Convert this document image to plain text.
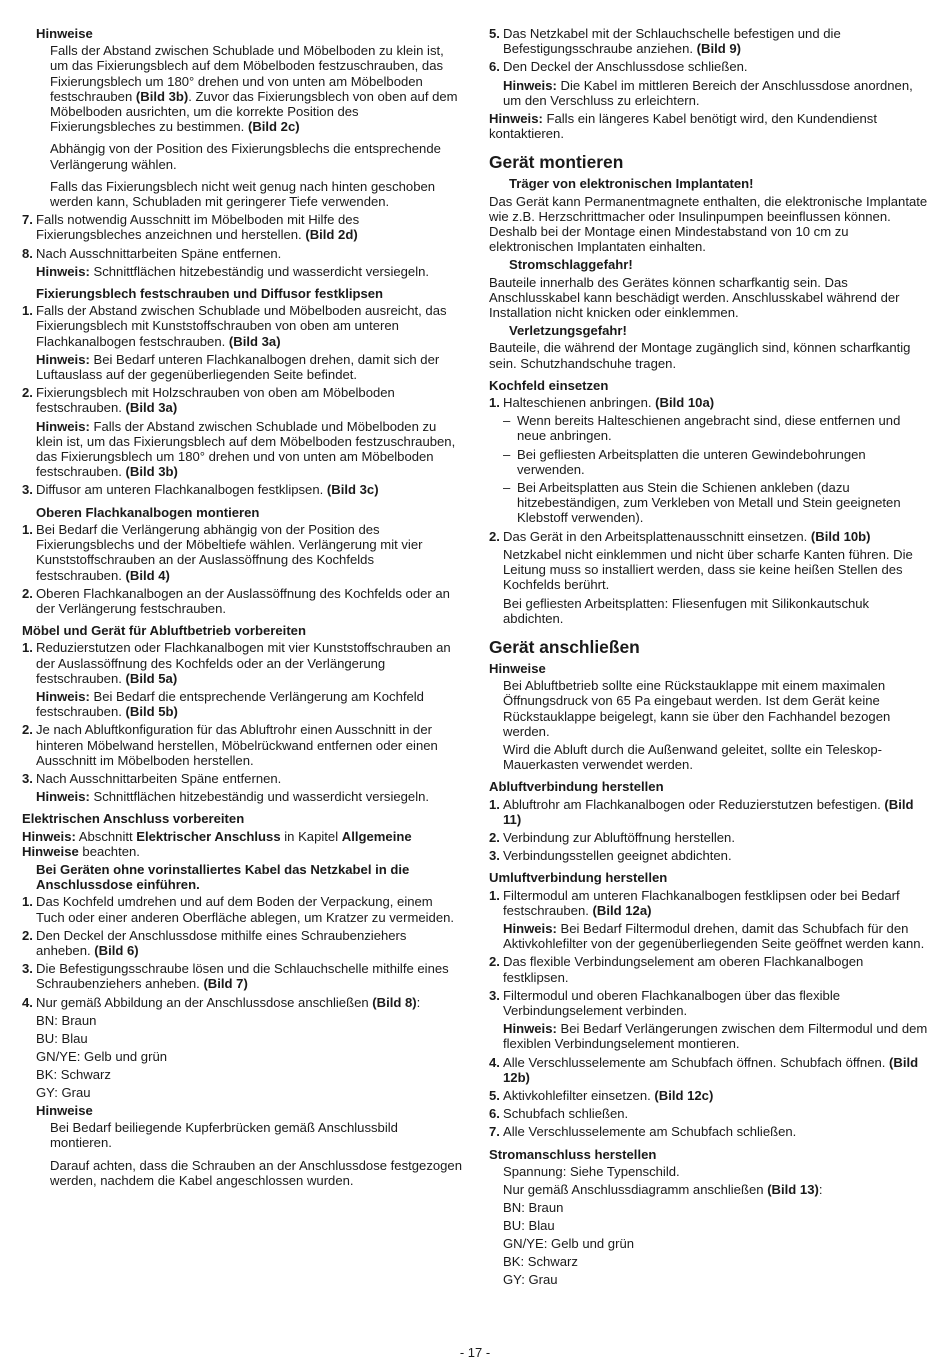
Hinweise
Falls der Abstand zwischen Schublade und Möbelboden zu klein ist, um das Fixierungsblech auf dem Möbelboden festzuschrauben, das Fixierungsblech um 180° drehen und von unten am Möbelboden festschrauben (Bild 3b). Zuvor das Fixierungsblech von oben auf dem Möbelboden ausrichten, um die korrekte Position des Fixierungsbleches zu bestimmen. (Bild 2c)
Abhängig von der Position des Fixierungsblechs die entsprechende Verlängerung wählen.
Falls das Fixierungsblech nicht weit genug nach hinten geschoben werden kann, Schubladen mit geringerer Tiefe verwenden.
7. Falls notwendig Ausschnitt im Möbelboden mit Hilfe des Fixierungsbleches anzeichnen und herstellen. (Bild 2d)
8. Nach Ausschnittarbeiten Späne entfernen.
Hinweis: Schnittflächen hitzebeständig und wasserdicht versiegeln.
Fixierungsblech festschrauben und Diffusor festklipsen
1. Falls der Abstand zwischen Schublade und Möbelboden ausreicht, das Fixierungsblech mit Kunststoffschrauben von oben am unteren Flachkanalbogen festschrauben. (Bild 3a)
Hinweis: Bei Bedarf unteren Flachkanalbogen drehen, damit sich der Luftauslass auf der gegenüberliegenden Seite befindet.
2. Fixierungsblech mit Holzschrauben von oben am Möbelboden festschrauben. (Bild 3a)
Hinweis: Falls der Abstand zwischen Schublade und Möbelboden zu klein ist, um das Fixierungsblech auf dem Möbelboden festzuschrauben, das Fixierungsblech um 180° drehen und von unten am Möbelboden festschrauben. (Bild 3b)
3. Diffusor am unteren Flachkanalbogen festklipsen. (Bild 3c)
Oberen Flachkanalbogen montieren
1. Bei Bedarf die Verlängerung abhängig von der Position des Fixierungsblechs und der Möbeltiefe wählen. Verlängerung mit vier Kunststoffschrauben an der Auslassöffnung des Kochfelds festschrauben. (Bild 4)
2. Oberen Flachkanalbogen an der Auslassöffnung des Kochfelds oder an der Verlängerung festschrauben.
Möbel und Gerät für Abluftbetrieb vorbereiten
1. Reduzierstutzen oder Flachkanalbogen mit vier Kunststoffschrauben an der Auslassöffnung des Kochfelds oder an der Verlängerung festschrauben. (Bild 5a)
Hinweis: Bei Bedarf die entsprechende Verlängerung am Kochfeld festschrauben. (Bild 5b)
2. Je nach Abluftkonfiguration für das Abluftrohr einen Ausschnitt in der hinteren Möbelwand herstellen, Möbelrückwand entfernen oder einen Ausschnitt im Möbelboden herstellen.
3. Nach Ausschnittarbeiten Späne entfernen.
Hinweis: Schnittflächen hitzebeständig und wasserdicht versiegeln.
Elektrischen Anschluss vorbereiten
Hinweis: Abschnitt Elektrischer Anschluss in Kapitel Allgemeine Hinweise beachten.
Bei Geräten ohne vorinstalliertes Kabel das Netzkabel in die Anschlussdose einführen.
1. Das Kochfeld umdrehen und auf dem Boden der Verpackung, einem Tuch oder einer anderen Oberfläche ablegen, um Kratzer zu vermeiden.
2. Den Deckel der Anschlussdose mithilfe eines Schraubenziehers anheben. (Bild 6)
3. Die Befestigungsschraube lösen und die Schlauchschelle mithilfe eines Schraubenziehers anheben. (Bild 7)
4. Nur gemäß Abbildung an der Anschlussdose anschließen (Bild 8):
BN: Braun
BU: Blau
GN/YE: Gelb und grün
BK: Schwarz
GY: Grau
Hinweise
Bei Bedarf beiliegende Kupferbrücken gemäß Anschlussbild montieren.
Darauf achten, dass die Schrauben an der Anschlussdose festgezogen werden, nachdem die Kabel angeschlossen wurden.
5. Das Netzkabel mit der Schlauchschelle befestigen und die Befestigungsschraube anziehen. (Bild 9)
6. Den Deckel der Anschlussdose schließen.
Hinweis: Die Kabel im mittleren Bereich der Anschlussdose anordnen, um den Verschluss zu erleichtern.
Hinweis: Falls ein längeres Kabel benötigt wird, den Kundendienst kontaktieren.
Gerät montieren
Träger von elektronischen Implantaten!
Das Gerät kann Permanentmagnete enthalten, die elektronische Implantate wie z.B. Herzschrittmacher oder Insulinpumpen beeinflussen können. Deshalb bei der Montage einen Mindestabstand von 10 cm zu elektronischen Implantaten einhalten.
Stromschlaggefahr!
Bauteile innerhalb des Gerätes können scharfkantig sein. Das Anschlusskabel kann beschädigt werden. Anschlusskabel während der Installation nicht knicken oder einklemmen.
Verletzungsgefahr!
Bauteile, die während der Montage zugänglich sind, können scharfkantig sein. Schutzhandschuhe tragen.
Kochfeld einsetzen
1. Halteschienen anbringen. (Bild 10a)
– Wenn bereits Halteschienen angebracht sind, diese entfernen und neue anbringen.
– Bei gefliesten Arbeitsplatten die unteren Gewindebohrungen verwenden.
– Bei Arbeitsplatten aus Stein die Schienen ankleben (dazu hitzebeständigen, zum Verkleben von Metall und Stein geeigneten Klebstoff verwenden).
2. Das Gerät in den Arbeitsplattenausschnitt einsetzen. (Bild 10b)
Netzkabel nicht einklemmen und nicht über scharfe Kanten führen. Die Leitung muss so installiert werden, dass sie keine heißen Stellen des Kochfelds berührt.
Bei gefliesten Arbeitsplatten: Fliesenfugen mit Silikonkautschuk abdichten.
Gerät anschließen
Hinweise
Bei Abluftbetrieb sollte eine Rückstauklappe mit einem maximalen Öffnungsdruck von 65 Pa eingebaut werden. Ist dem Gerät keine Rückstauklappe beigelegt, kann sie über den Fachhandel bezogen werden.
Wird die Abluft durch die Außenwand geleitet, sollte ein Teleskop-Mauerkasten verwendet werden.
Abluftverbindung herstellen
1. Abluftrohr am Flachkanalbogen oder Reduzierstutzen befestigen. (Bild 11)
2. Verbindung zur Abluftöffnung herstellen.
3. Verbindungsstellen geeignet abdichten.
Umluftverbindung herstellen
1. Filtermodul am unteren Flachkanalbogen festklipsen oder bei Bedarf festschrauben. (Bild 12a)
Hinweis: Bei Bedarf Filtermodul drehen, damit das Schubfach für den Aktivkohlefilter von der gegenüberliegenden Seite geöffnet werden kann.
2. Das flexible Verbindungselement am oberen Flachkanalbogen festklipsen.
3. Filtermodul und oberen Flachkanalbogen über das flexible Verbindungselement verbinden.
Hinweis: Bei Bedarf Verlängerungen zwischen dem Filtermodul und dem flexiblen Verbindungselement montieren.
4. Alle Verschlusselemente am Schubfach öffnen. Schubfach öffnen. (Bild 12b)
5. Aktivkohlefilter einsetzen. (Bild 12c)
6. Schubfach schließen.
7. Alle Verschlusselemente am Schubfach schließen.
Stromanschluss herstellen
Spannung: Siehe Typenschild.
Nur gemäß Anschlussdiagramm anschließen (Bild 13):
BN: Braun
BU: Blau
GN/YE: Gelb und grün
BK: Schwarz
GY: Grau
- 17 -
